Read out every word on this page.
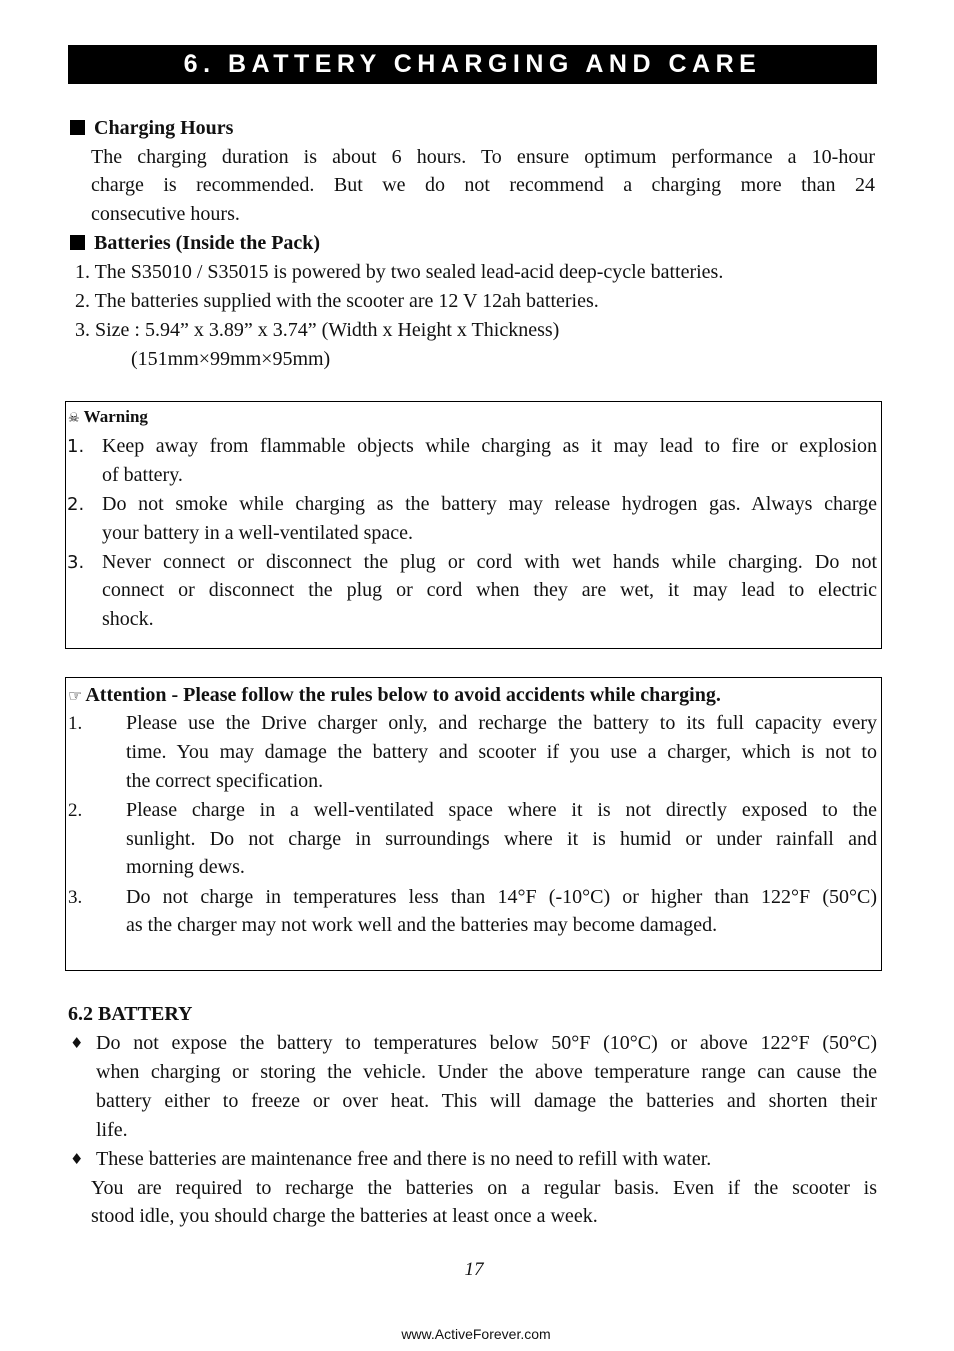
6. BATTERY CHARGING AND CARE
Charging Hours
The charging duration is about 6 hours. To ensure optimum performance a 10-hour
charge is recommended. But we do not recommend a charging more than 24
consecutive hours.
Batteries (Inside the Pack)
1. The S35010 / S35015 is powered by two sealed lead-acid deep-cycle batteries.
2. The batteries supplied with the scooter are 12 V 12ah batteries.
3. Size : 5.94” x 3.89” x 3.74” (Width x Height x Thickness)
(151mm×99mm×95mm)
☠ Warning
1. Keep away from flammable objects while charging as it may lead to fire or explosion
of battery.
2. Do not smoke while charging as the battery may release hydrogen gas. Always charge
your battery in a well-ventilated space.
3. Never connect or disconnect the plug or cord with wet hands while charging. Do not
connect or disconnect the plug or cord when they are wet, it may lead to electric
shock.
☞ Attention - Please follow the rules below to avoid accidents while charging.
1. Please use the Drive charger only, and recharge the battery to its full capacity every
time. You may damage the battery and scooter if you use a charger, which is not to
the correct specification.
2. Please charge in a well-ventilated space where it is not directly exposed to the
sunlight. Do not charge in surroundings where it is humid or under rainfall and
morning dews.
3. Do not charge in temperatures less than 14°F (-10°C) or higher than 122°F (50°C)
as the charger may not work well and the batteries may become damaged.
6.2 BATTERY
♦ Do not expose the battery to temperatures below 50°F (10°C) or above 122°F (50°C)
when charging or storing the vehicle. Under the above temperature range can cause the
battery either to freeze or over heat. This will damage the batteries and shorten their
life.
♦ These batteries are maintenance free and there is no need to refill with water.
You are required to recharge the batteries on a regular basis. Even if the scooter is
stood idle, you should charge the batteries at least once a week.
17
www.ActiveForever.com
